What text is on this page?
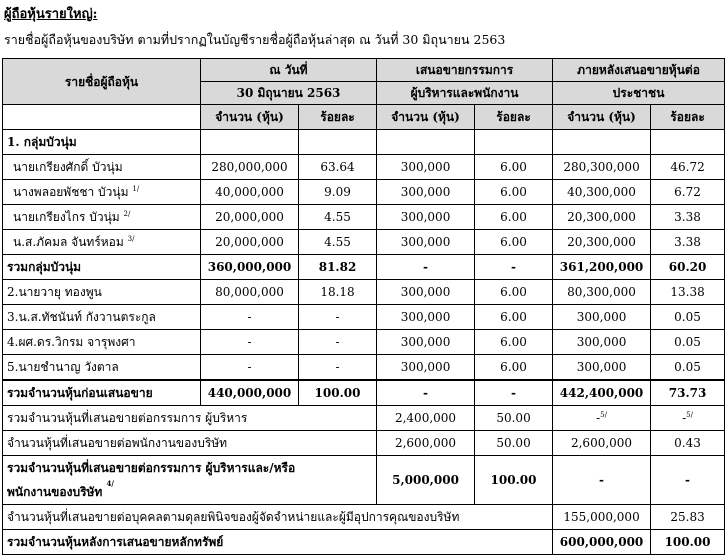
ผู้ถือหุ้นรายใหญ่:

รายชื่อผู้ถือหุ้นของบริษัท ตามที่ปรากฏในบัญชีรายชื่อผู้ถือหุ้นล่าสุด ณ วันที่ 30 มิถุนายน 2563

รายชื่อผู้ถือหุ้น	ณ วันที่		เสนอขายกรรมการ		ภายหลังเสนอขายหุ้นต่อ	
	30 มิถุนายน 2563		ผู้บริหารและพนักงาน		ประชาชน	
	จำนวน (หุ้น)	ร้อยละ	จำนวน (หุ้น)	ร้อยละ	จำนวน (หุ้น)	ร้อยละ
1. กลุ่มบัวนุ่ม						
นายเกรียงศักดิ์ บัวนุ่ม	280,000,000	63.64	300,000	6.00	280,300,000	46.72
นางพลอยพัชชา บัวนุ่ม $^{1/}$	40,000,000	9.09	300,000	6.00	40,300,000	6.72
นายเกรียงไกร บัวนุ่ม $^{2/}$	20,000,000	4.55	300,000	6.00	20,300,000	3.38
น.ส.ภัคมล จันทร์หอม $^{3/}$	20,000,000	4.55	300,000	6.00	20,300,000	3.38
รวมกลุ่มบัวนุ่ม	360,000,000	81.82	-	-	361,200,000	60.20
2.นายวายุ ทองพูน	80,000,000	18.18	300,000	6.00	80,300,000	13.38
3.น.ส.ทัชนันท์ กังวานตระกูล	-	-	300,000	6.00	300,000	0.05
4.ผศ.ดร.วิกรม จารุพงศา	-	-	300,000	6.00	300,000	0.05
5.นายชำนาญ วังตาล	-	-	300,000	6.00	300,000	0.05
รวมจำนวนหุ้นก่อนเสนอขาย	440,000,000	100.00	-	-	442,400,000	73.73
รวมจำนวนหุ้นที่เสนอขายต่อกรรมการ ผู้บริหาร			2,400,000	50.00	-$^{5/}$	-$^{5/}$
จำนวนหุ้นที่เสนอขายต่อพนักงานของบริษัท			2,600,000	50.00	2,600,000	0.43
รวมจำนวนหุ้นที่เสนอขายต่อกรรมการ ผู้บริหารและ/หรือ
พนักงานของบริษัท $^{4/}$			5,000,000	100.00	-	-
จำนวนหุ้นที่เสนอขายต่อบุคคลตามดุลยพินิจของผู้จัดจำหน่ายและผู้มีอุปการคุณของบริษัท					155,000,000	25.83
รวมจำนวนหุ้นหลังการเสนอขายหลักทรัพย์					600,000,000	100.00
